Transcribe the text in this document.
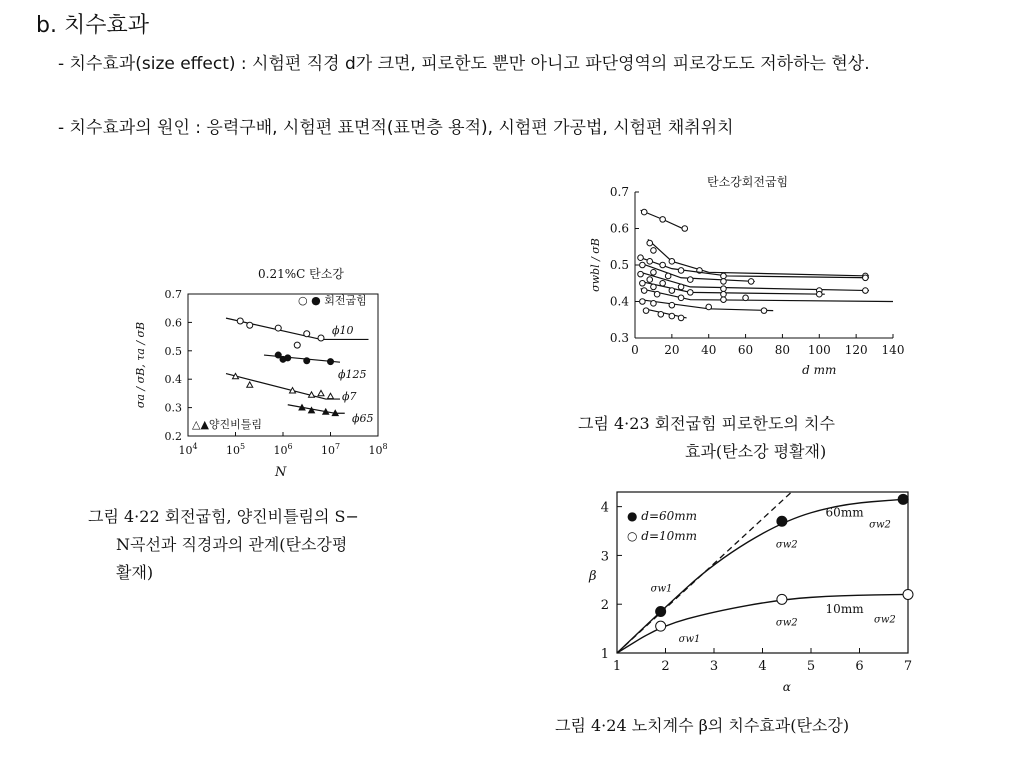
b. 치수효과
- 치수효과(size effect) : 시험편 직경 d가 크면, 피로한도 뿐만 아니고 파단영역의 피로강도도 저하하는 현상.
- 치수효과의 원인 : 응력구배, 시험편 표면적(표면층 용적), 시험편 가공법, 시험편 채취위치
0.21%C 탄소강
○ ● 회전굽힘
△▲양진비틀림
0.2
0.3
0.4
0.5
0.6
0.7
$10^4$	$10^5$	$10^6$	$10^7$	$10^8$
N
σa / σB, τa / σB	ϕ10
ϕ125
ϕ7
ϕ65
그림 4·22 회전굽힘, 양진비틀림의 S−
N곡선과 직경과의 관계(탄소강평
활재)
탄소강회전굽힘
0.3
0.4
0.5
0.6
0.7
0 20 40 60 80 100 120 140
d mm
σwbl / σB
그림 4·23 회전굽힘 피로한도의 치수
효과(탄소강 평활재)
1
2
3
4
1	2	3	4	5	6	7
α
β
● d=60mm
○ d=10mm
σw1
σw2
σw2
60mm
σw1
σw2	σw2
10mm
그림 4·24 노치계수 β의 치수효과(탄소강)
